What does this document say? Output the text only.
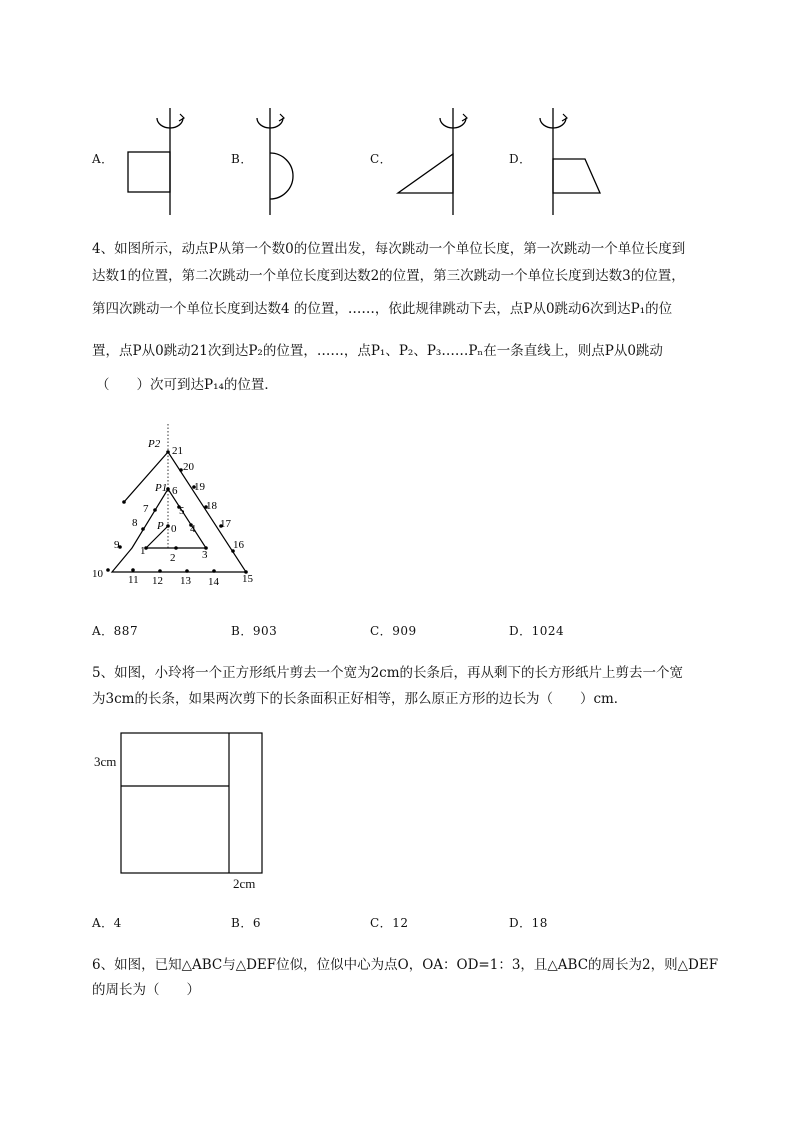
A．	B．	C．	D．
4、如图所示，动点P从第一个数0的位置出发，每次跳动一个单位长度，第一次跳动一个单位长度到
达数1的位置，第二次跳动一个单位长度到达数2的位置，第三次跳动一个单位长度到达数3的位置，
第四次跳动一个单位长度到达数4 的位置，……，依此规律跳动下去，点P从0跳动6次到达P₁的位
置，点P从0跳动21次到达P₂的位置，……，点P₁、P₂、P₃……Pₙ在一条直线上，则点P从0跳动
（　　）次可到达P₁₄的位置．
P2
P1
P 0
1
2 3
4
5
6
7
8
9
10 11 12 13 14 15
16
17
18
19
20
21
A．887	B．903	C．909	D．1024
5、如图，小玲将一个正方形纸片剪去一个宽为2cm的长条后，再从剩下的长方形纸片上剪去一个宽
为3cm的长条，如果两次剪下的长条面积正好相等，那么原正方形的边长为（　　）cm．
3cm
2cm
A．4	B．6	C．12	D．18
6、如图，已知△ABC与△DEF位似，位似中心为点O，OA：OD=1：3，且△ABC的周长为2，则△DEF
的周长为（　　）
